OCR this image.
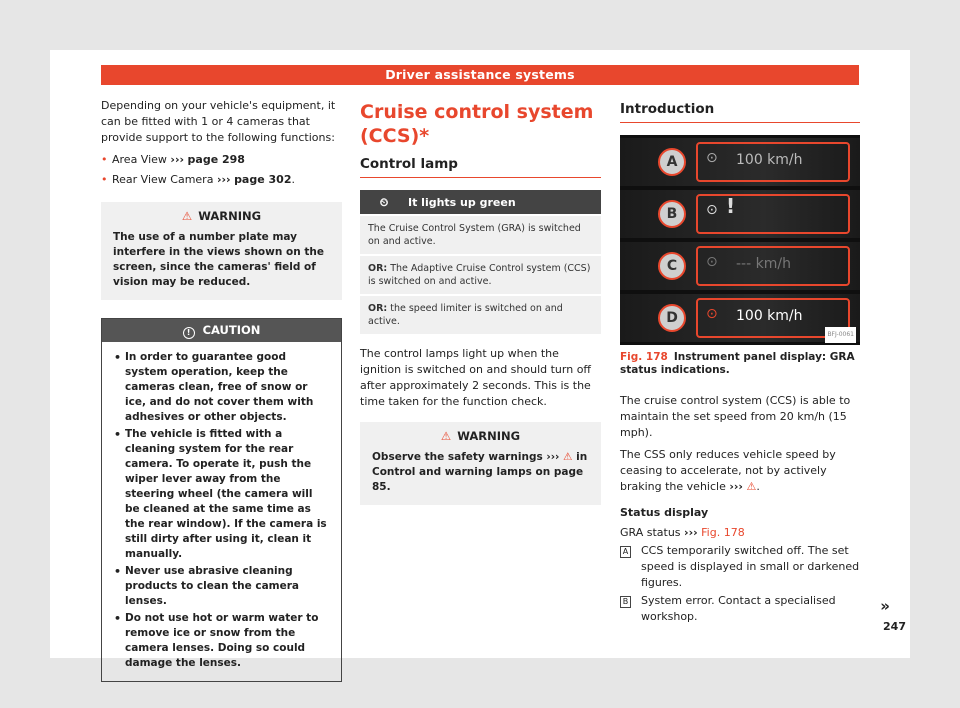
Driver assistance systems

Depending on your vehicle's equipment, it can be fitted with 1 or 4 cameras that provide support to the following functions:

• Area View ››› page 298
• Rear View Camera ››› page 302.
⚠ WARNING
The use of a number plate may interfere in the views shown on the screen, since the cameras' field of vision may be reduced.
! CAUTION
• In order to guarantee good system operation, keep the cameras clean, free of snow or ice, and do not cover them with adhesives or other objects.
• The vehicle is fitted with a cleaning system for the rear camera. To operate it, push the wiper lever away from the steering wheel (the camera will be cleaned at the same time as the rear window). If the camera is still dirty after using it, clean it manually.
• Never use abrasive cleaning products to clean the camera lenses.
• Do not use hot or warm water to remove ice or snow from the camera lenses. Doing so could damage the lenses.
Cruise control system (CCS)*
Control lamp
⏲	It lights up green
The Cruise Control System (GRA) is switched on and active.
OR: The Adaptive Cruise Control system (CCS) is switched on and active.
OR: the speed limiter is switched on and active.

The control lamps light up when the ignition is switched on and should turn off after approximately 2 seconds. This is the time taken for the function check.

⚠ WARNING
Observe the safety warnings ››› ⚠ in Control and warning lamps on page 85.
Introduction
A	⊙ 100 km/h
B	⊙ !
C	⊙ --- km/h
D	⊙ 100 km/h
BFJ-0061
Fig. 178 Instrument panel display: GRA status indications.

The cruise control system (CCS) is able to maintain the set speed from 20 km/h (15 mph).

The CSS only reduces vehicle speed by ceasing to accelerate, not by actively braking the vehicle ››› ⚠.

Status display
GRA status ››› Fig. 178
A CCS temporarily switched off. The set speed is displayed in small or darkened figures.
B System error. Contact a specialised workshop.
»
247
